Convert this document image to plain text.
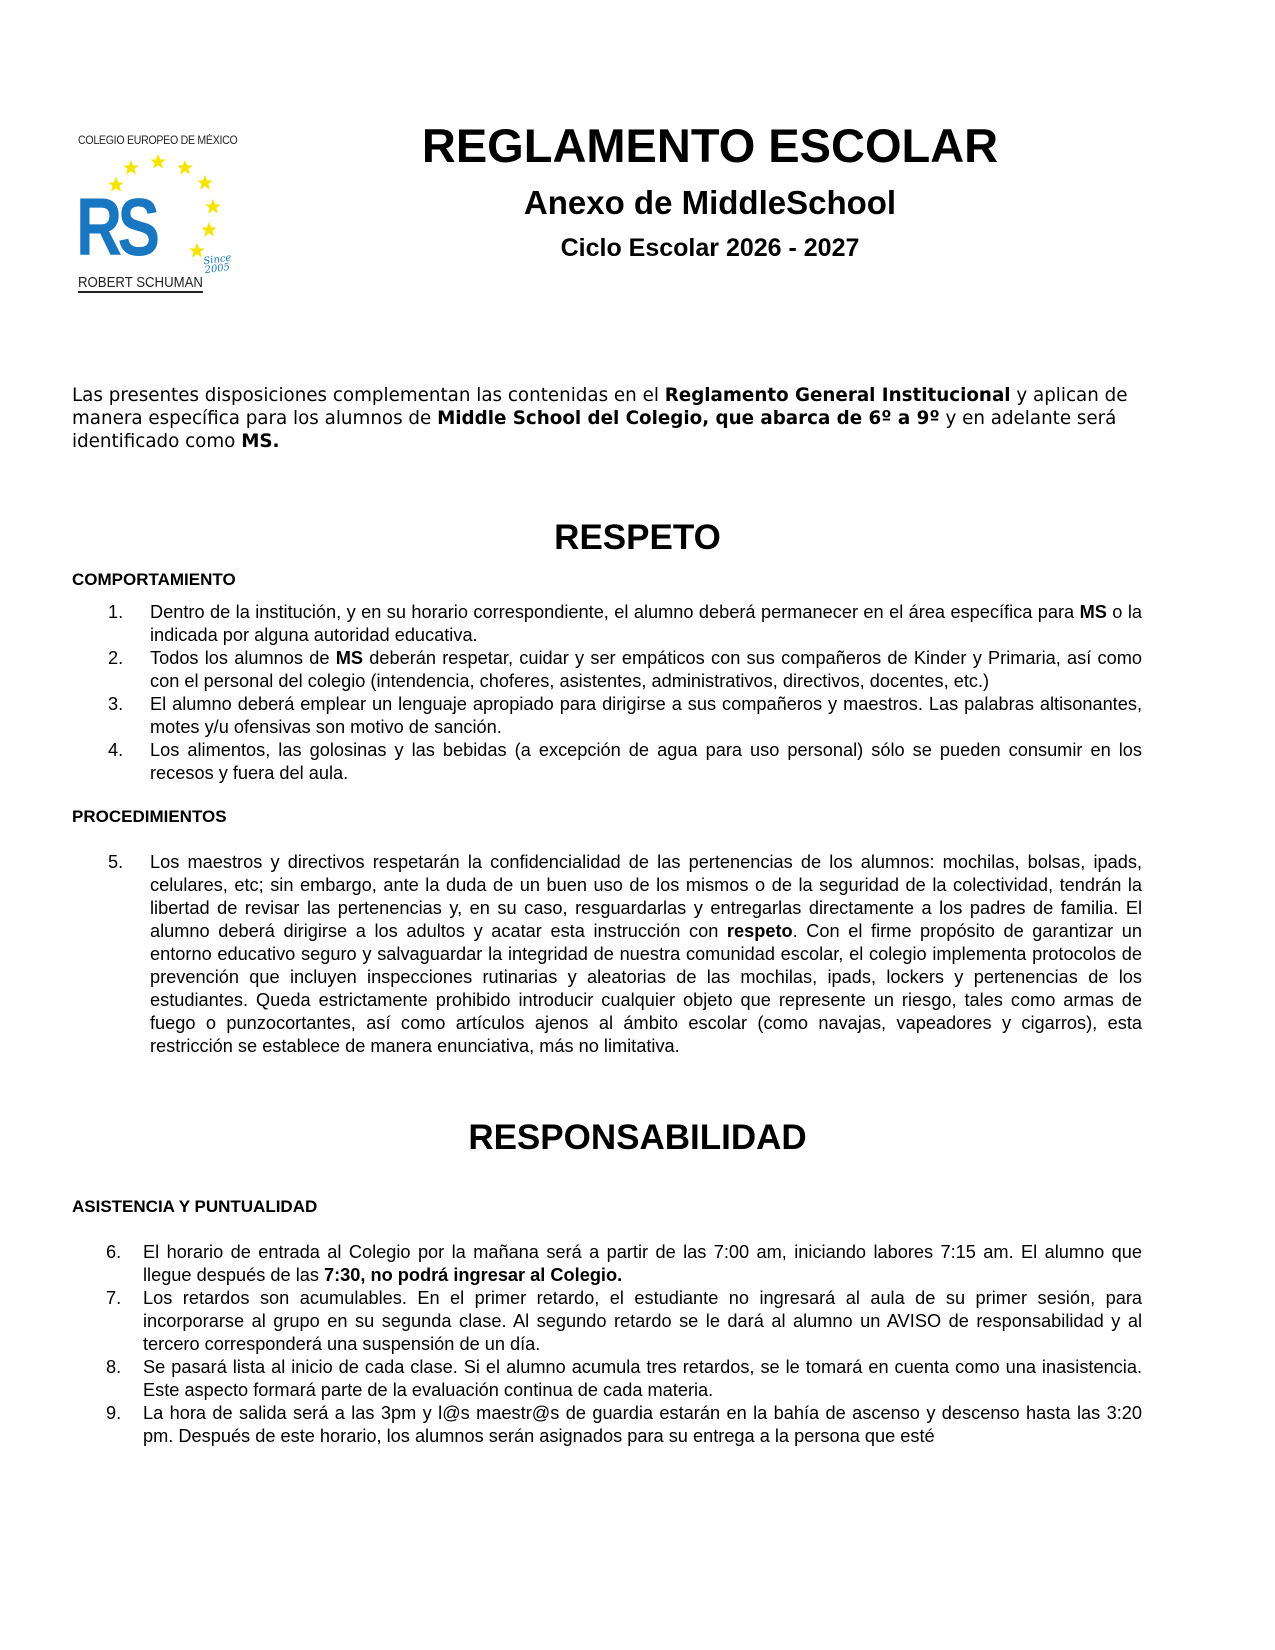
COLEGIO EUROPEO DE MÉXICO
RS	Since 2005
ROBERT SCHUMAN
REGLAMENTO ESCOLAR
Anexo de MiddleSchool
Ciclo Escolar 2026 - 2027

Las presentes disposiciones complementan las contenidas en el Reglamento General Institucional y aplican de manera específica para los alumnos de Middle School del Colegio, que abarca de 6º a 9º y en adelante será identificado como MS.

RESPETO
COMPORTAMIENTO
1. Dentro de la institución, y en su horario correspondiente, el alumno deberá permanecer en el área específica para MS o la indicada por alguna autoridad educativa.
2. Todos los alumnos de MS deberán respetar, cuidar y ser empáticos con sus compañeros de Kinder y Primaria, así como con el personal del colegio (intendencia, choferes, asistentes, administrativos, directivos, docentes, etc.)
3. El alumno deberá emplear un lenguaje apropiado para dirigirse a sus compañeros y maestros. Las palabras altisonantes, motes y/u ofensivas son motivo de sanción.
4. Los alimentos, las golosinas y las bebidas (a excepción de agua para uso personal) sólo se pueden consumir en los recesos y fuera del aula.
PROCEDIMIENTOS
5. Los maestros y directivos respetarán la confidencialidad de las pertenencias de los alumnos: mochilas, bolsas, ipads, celulares, etc; sin embargo, ante la duda de un buen uso de los mismos o de la seguridad de la colectividad, tendrán la libertad de revisar las pertenencias y, en su caso, resguardarlas y entregarlas directamente a los padres de familia. El alumno deberá dirigirse a los adultos y acatar esta instrucción con respeto. Con el firme propósito de garantizar un entorno educativo seguro y salvaguardar la integridad de nuestra comunidad escolar, el colegio implementa protocolos de prevención que incluyen inspecciones rutinarias y aleatorias de las mochilas, ipads, lockers y pertenencias de los estudiantes. Queda estrictamente prohibido introducir cualquier objeto que represente un riesgo, tales como armas de fuego o punzocortantes, así como artículos ajenos al ámbito escolar (como navajas, vapeadores y cigarros), esta restricción se establece de manera enunciativa, más no limitativa.
RESPONSABILIDAD
ASISTENCIA Y PUNTUALIDAD
6. El horario de entrada al Colegio por la mañana será a partir de las 7:00 am, iniciando labores 7:15 am. El alumno que llegue después de las 7:30, no podrá ingresar al Colegio.
7. Los retardos son acumulables. En el primer retardo, el estudiante no ingresará al aula de su primer sesión, para incorporarse al grupo en su segunda clase. Al segundo retardo se le dará al alumno un AVISO de responsabilidad y al tercero corresponderá una suspensión de un día.
8. Se pasará lista al inicio de cada clase. Si el alumno acumula tres retardos, se le tomará en cuenta como una inasistencia. Este aspecto formará parte de la evaluación continua de cada materia.
9. La hora de salida será a las 3pm y l@s maestr@s de guardia estarán en la bahía de ascenso y descenso hasta las 3:20 pm. Después de este horario, los alumnos serán asignados para su entrega a la persona que esté
